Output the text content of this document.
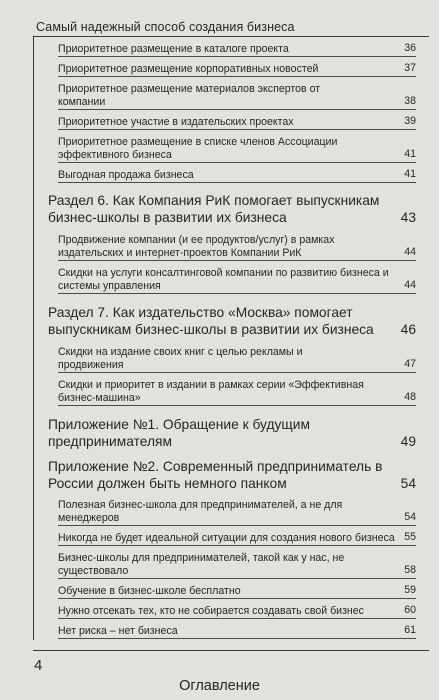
Самый надежный способ создания бизнеса
Приоритетное размещение в каталоге проекта	36
Приоритетное размещение корпоративных новостей	37
Приоритетное размещение материалов экспертов от компании	38
Приоритетное участие в издательских проектах	39
Приоритетное размещение в списке членов Ассоциации эффективного бизнеса	41
Выгодная продажа бизнеса	41
Раздел 6. Как Компания РиК помогает выпускникам бизнес-школы в развитии их бизнеса	43
Продвижение компании (и ее продуктов/услуг) в рамках издательских и интернет-проектов Компании РиК	44
Скидки на услуги консалтинговой компании по развитию бизнеса и системы управления	44
Раздел 7. Как издательство «Москва» помогает выпускникам бизнес-школы в развитии их бизнеса	46
Скидки на издание своих книг с целью рекламы и продвижения	47
Скидки и приоритет в издании в рамках серии «Эффективная бизнес-машина»	48
Приложение №1. Обращение к будущим предпринимателям	49
Приложение №2. Современный предприниматель в России должен быть немного панком	54
Полезная бизнес-школа для предпринимателей, а не для менеджеров	54
Никогда не будет идеальной ситуации для создания нового бизнеса 55
Бизнес-школы для предпринимателей, такой как у нас, не существовало	58
Обучение в бизнес-школе бесплатно	59
Нужно отсекать тех, кто не собирается создавать свой бизнес	60
Нет риска – нет бизнеса	61
4
Оглавление
